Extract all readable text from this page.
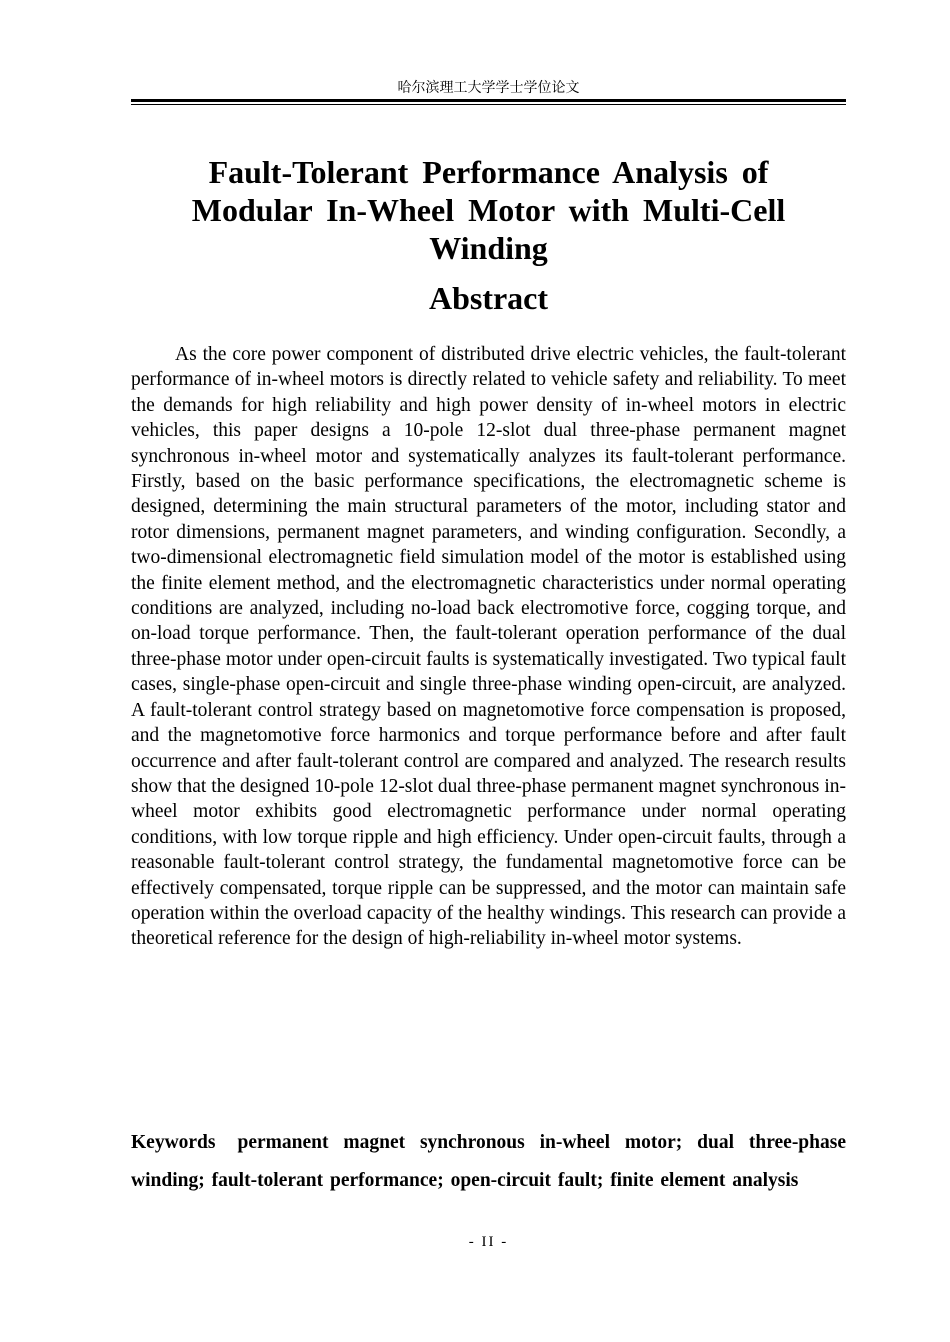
哈尔滨理工大学学士学位论文
Fault-Tolerant Performance Analysis of
Modular In-Wheel Motor with Multi-Cell
Winding
Abstract

As the core power component of distributed drive electric vehicles, the fault-tolerant performance of in-wheel motors is directly related to vehicle safety and reliability. To meet the demands for high reliability and high power density of in-wheel motors in electric vehicles, this paper designs a 10-pole 12-slot dual three-phase permanent magnet synchronous in-wheel motor and systematically analyzes its fault-tolerant performance. Firstly, based on the basic performance specifications, the electromagnetic scheme is designed, determining the main structural parameters of the motor, including stator and rotor dimensions, permanent magnet parameters, and winding configuration. Secondly, a two-dimensional electromagnetic field simulation model of the motor is established using the finite element method, and the electromagnetic characteristics under normal operating conditions are analyzed, including no-load back electromotive force, cogging torque, and on-load torque performance. Then, the fault-tolerant operation performance of the dual three-phase motor under open-circuit faults is systematically investigated. Two typical fault cases, single-phase open-circuit and single three-phase winding open-circuit, are analyzed. A fault-tolerant control strategy based on magnetomotive force compensation is proposed, and the magnetomotive force harmonics and torque performance before and after fault occurrence and after fault-tolerant control are compared and analyzed. The research results show that the designed 10-pole 12-slot dual three-phase permanent magnet synchronous in-wheel motor exhibits good electromagnetic performance under normal operating conditions, with low torque ripple and high efficiency. Under open-circuit faults, through a reasonable fault-tolerant control strategy, the fundamental magnetomotive force can be effectively compensated, torque ripple can be suppressed, and the motor can maintain safe operation within the overload capacity of the healthy windings. This research can provide a theoretical reference for the design of high-reliability in-wheel motor systems.

Keywords permanent magnet synchronous in-wheel motor; dual three-phase winding; fault-tolerant performance; open-circuit fault; finite element analysis

- II -
